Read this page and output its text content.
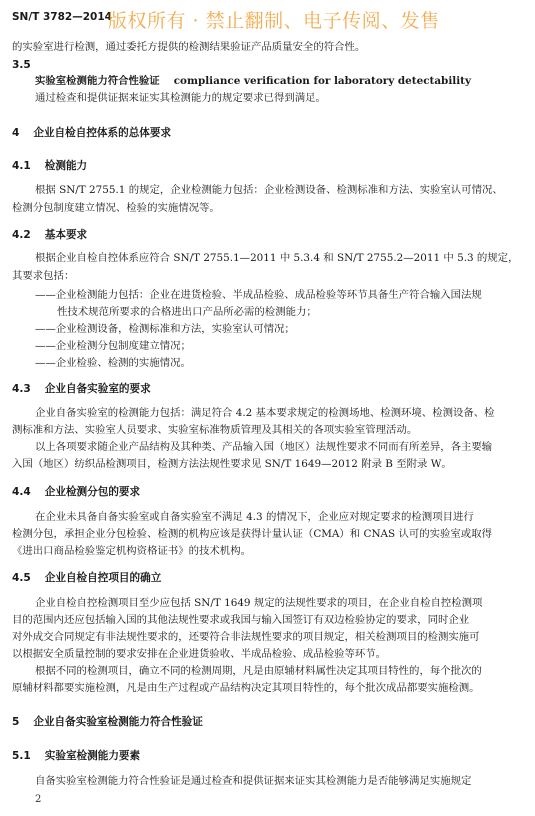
SN/T 3782—2014
版权所有 · 禁止翻制、电子传阅、发售
的实验室进行检测，通过委托方提供的检测结果验证产品质量安全的符合性。
3.5
实验室检测能力符合性验证 compliance verification for laboratory detectability
通过检查和提供证据来证实其检测能力的规定要求已得到满足。
4 企业自检自控体系的总体要求
4.1 检测能力
根据 SN/T 2755.1 的规定，企业检测能力包括：企业检测设备、检测标准和方法、实验室认可情况、
检测分包制度建立情况、检验的实施情况等。
4.2 基本要求
根据企业自检自控体系应符合 SN/T 2755.1—2011 中 5.3.4 和 SN/T 2755.2—2011 中 5.3 的规定，
其要求包括：
——企业检测能力包括：企业在进货检验、半成品检验、成品检验等环节具备生产符合输入国法规
性技术规范所要求的合格进出口产品所必需的检测能力；
——企业检测设备，检测标准和方法，实验室认可情况；
——企业检测分包制度建立情况；
——企业检验、检测的实施情况。
4.3 企业自备实验室的要求
企业自备实验室的检测能力包括：满足符合 4.2 基本要求规定的检测场地、检测环境、检测设备、检
测标准和方法、实验室人员要求、实验室标准物质管理及其相关的各项实验室管理活动。
以上各项要求随企业产品结构及其种类、产品输入国（地区）法规性要求不同而有所差异，各主要输
入国（地区）纺织品检测项目，检测方法法规性要求见 SN/T 1649—2012 附录 B 至附录 W。
4.4 企业检测分包的要求
在企业未具备自备实验室或自备实验室不满足 4.3 的情况下，企业应对规定要求的检测项目进行
检测分包，承担企业分包检验、检测的机构应该是获得计量认证（CMA）和 CNAS 认可的实验室或取得
《进出口商品检验鉴定机构资格证书》的技术机构。
4.5 企业自检自控项目的确立
企业自检自控检测项目至少应包括 SN/T 1649 规定的法规性要求的项目，在企业自检自控检测项
目的范围内还应包括输入国的其他法规性要求或我国与输入国签订有双边检验协定的要求，同时企业
对外成交合同规定有非法规性要求的，还要符合非法规性要求的项目规定，相关检测项目的检测实施可
以根据安全质量控制的要求安排在企业进货验收、半成品检验、成品检验等环节。
根据不同的检测项目，确立不同的检测周期，凡是由原辅材料属性决定其项目特性的，每个批次的
原辅材料都要实施检测，凡是由生产过程或产品结构决定其项目特性的，每个批次成品都要实施检测。
5 企业自备实验室检测能力符合性验证
5.1 实验室检测能力要素
自备实验室检测能力符合性验证是通过检查和提供证据来证实其检测能力是否能够满足实施规定
2
